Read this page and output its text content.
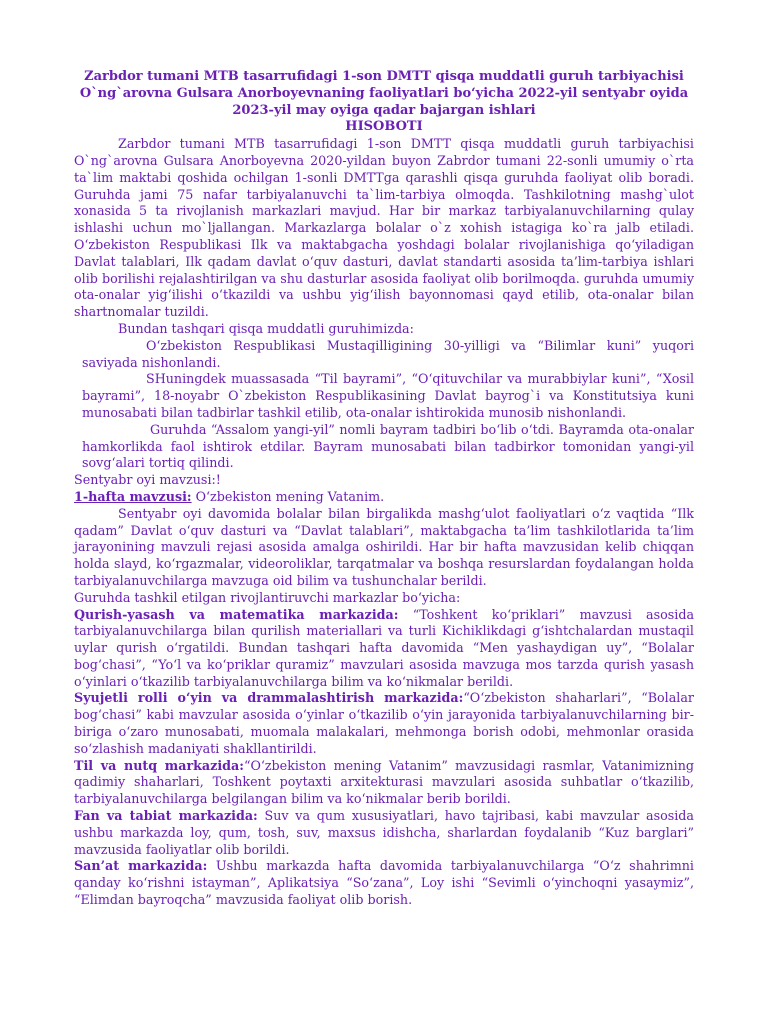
Zarbdor tumani MTB tasarrufidagi 1-son DMTT qisqa muddatli guruh tarbiyachisi
O`ng`arovna Gulsara Anorboyevnaning faoliyatlari bo‘yicha 2022-yil sentyabr oyida
2023-yil may oyiga qadar bajargan ishlari
HISOBOTI

Zarbdor tumani MTB tasarrufidagi 1-son DMTT qisqa muddatli guruh tarbiyachisi O`ng`arovna Gulsara Anorboyevna 2020-yildan buyon Zabrdor tumani 22-sonli umumiy o`rta ta`lim maktabi qoshida ochilgan 1-sonli DMTTga qarashli qisqa guruhda faoliyat olib boradi. Guruhda jami 75 nafar tarbiyalanuvchi ta`lim-tarbiya olmoqda. Tashkilotning mashg`ulot xonasida 5 ta rivojlanish markazlari mavjud. Har bir markaz tarbiyalanuvchilarning qulay ishlashi uchun mo`ljallangan. Markazlarga bolalar o`z xohish istagiga ko`ra jalb etiladi. O‘zbekiston Respublikasi Ilk va maktabgacha yoshdagi bolalar rivojlanishiga qo‘yiladigan Davlat talablari, Ilk qadam davlat o‘quv dasturi, davlat standarti asosida ta’lim-tarbiya ishlari olib borilishi rejalashtirilgan va shu dasturlar asosida faoliyat olib borilmoqda. guruhda umumiy ota-onalar yig‘ilishi o‘tkazildi va ushbu yig‘ilish bayonnomasi qayd etilib, ota-onalar bilan shartnomalar tuzildi.

Bundan tashqari qisqa muddatli guruhimizda:

O‘zbekiston Respublikasi Mustaqilligining 30-yilligi va “Bilimlar kuni” yuqori saviyada nishonlandi.

SHuningdek muassasada “Til bayrami”, “O‘qituvchilar va murabbiylar kuni”, “Xosil bayrami”, 18-noyabr O`zbekiston Respublikasining Davlat bayrog`i va Konstitutsiya kuni munosabati bilan tadbirlar tashkil etilib, ota-onalar ishtirokida munosib nishonlandi.

Guruhda “Assalom yangi-yil” nomli bayram tadbiri bo‘lib o‘tdi. Bayramda ota-onalar hamkorlikda faol ishtirok etdilar. Bayram munosabati bilan tadbirkor tomonidan yangi-yil sovg‘alari tortiq qilindi.

Sentyabr oyi mavzusi:!

1-hafta mavzusi: O‘zbekiston mening Vatanim.

Sentyabr oyi davomida bolalar bilan birgalikda mashg‘ulot faoliyatlari o‘z vaqtida “Ilk qadam” Davlat o‘quv dasturi va “Davlat talablari”, maktabgacha ta’lim tashkilotlarida ta’lim jarayonining mavzuli rejasi asosida amalga oshirildi. Har bir hafta mavzusidan kelib chiqqan holda slayd, ko‘rgazmalar, videoroliklar, tarqatmalar va boshqa resurslardan foydalangan holda tarbiyalanuvchilarga mavzuga oid bilim va tushunchalar berildi.

Guruhda tashkil etilgan rivojlantiruvchi markazlar bo‘yicha:

Qurish-yasash va matematika markazida: “Toshkent ko‘priklari” mavzusi asosida tarbiyalanuvchilarga bilan qurilish materiallari va turli Kichiklikdagi g‘ishtchalardan mustaqil uylar qurish o‘rgatildi. Bundan tashqari hafta davomida “Men yashaydigan uy”, “Bolalar bog‘chasi”, “Yo‘l va ko‘priklar quramiz” mavzulari asosida mavzuga mos tarzda qurish yasash o‘yinlari o‘tkazilib tarbiyalanuvchilarga bilim va ko‘nikmalar berildi.

Syujetli rolli o‘yin va drammalashtirish markazida:“O‘zbekiston shaharlari”, “Bolalar bog‘chasi” kabi mavzular asosida o‘yinlar o‘tkazilib o‘yin jarayonida tarbiyalanuvchilarning bir-biriga o‘zaro munosabati, muomala malakalari, mehmonga borish odobi, mehmonlar orasida so‘zlashish madaniyati shakllantirildi.

Til va nutq markazida:“O‘zbekiston mening Vatanim” mavzusidagi rasmlar, Vatanimizning qadimiy shaharlari, Toshkent poytaxti arxitekturasi mavzulari asosida suhbatlar o‘tkazilib, tarbiyalanuvchilarga belgilangan bilim va ko‘nikmalar berib borildi.

Fan va tabiat markazida: Suv va qum xususiyatlari, havo tajribasi, kabi mavzular asosida ushbu markazda loy, qum, tosh, suv, maxsus idishcha, sharlardan foydalanib “Kuz barglari” mavzusida faoliyatlar olib borildi.

San’at markazida: Ushbu markazda hafta davomida tarbiyalanuvchilarga “O‘z shahrimni qanday ko‘rishni istayman”, Aplikatsiya “So‘zana”, Loy ishi “Sevimli o‘yinchoqni yasaymiz”, “Elimdan bayroqcha” mavzusida faoliyat olib borish.
